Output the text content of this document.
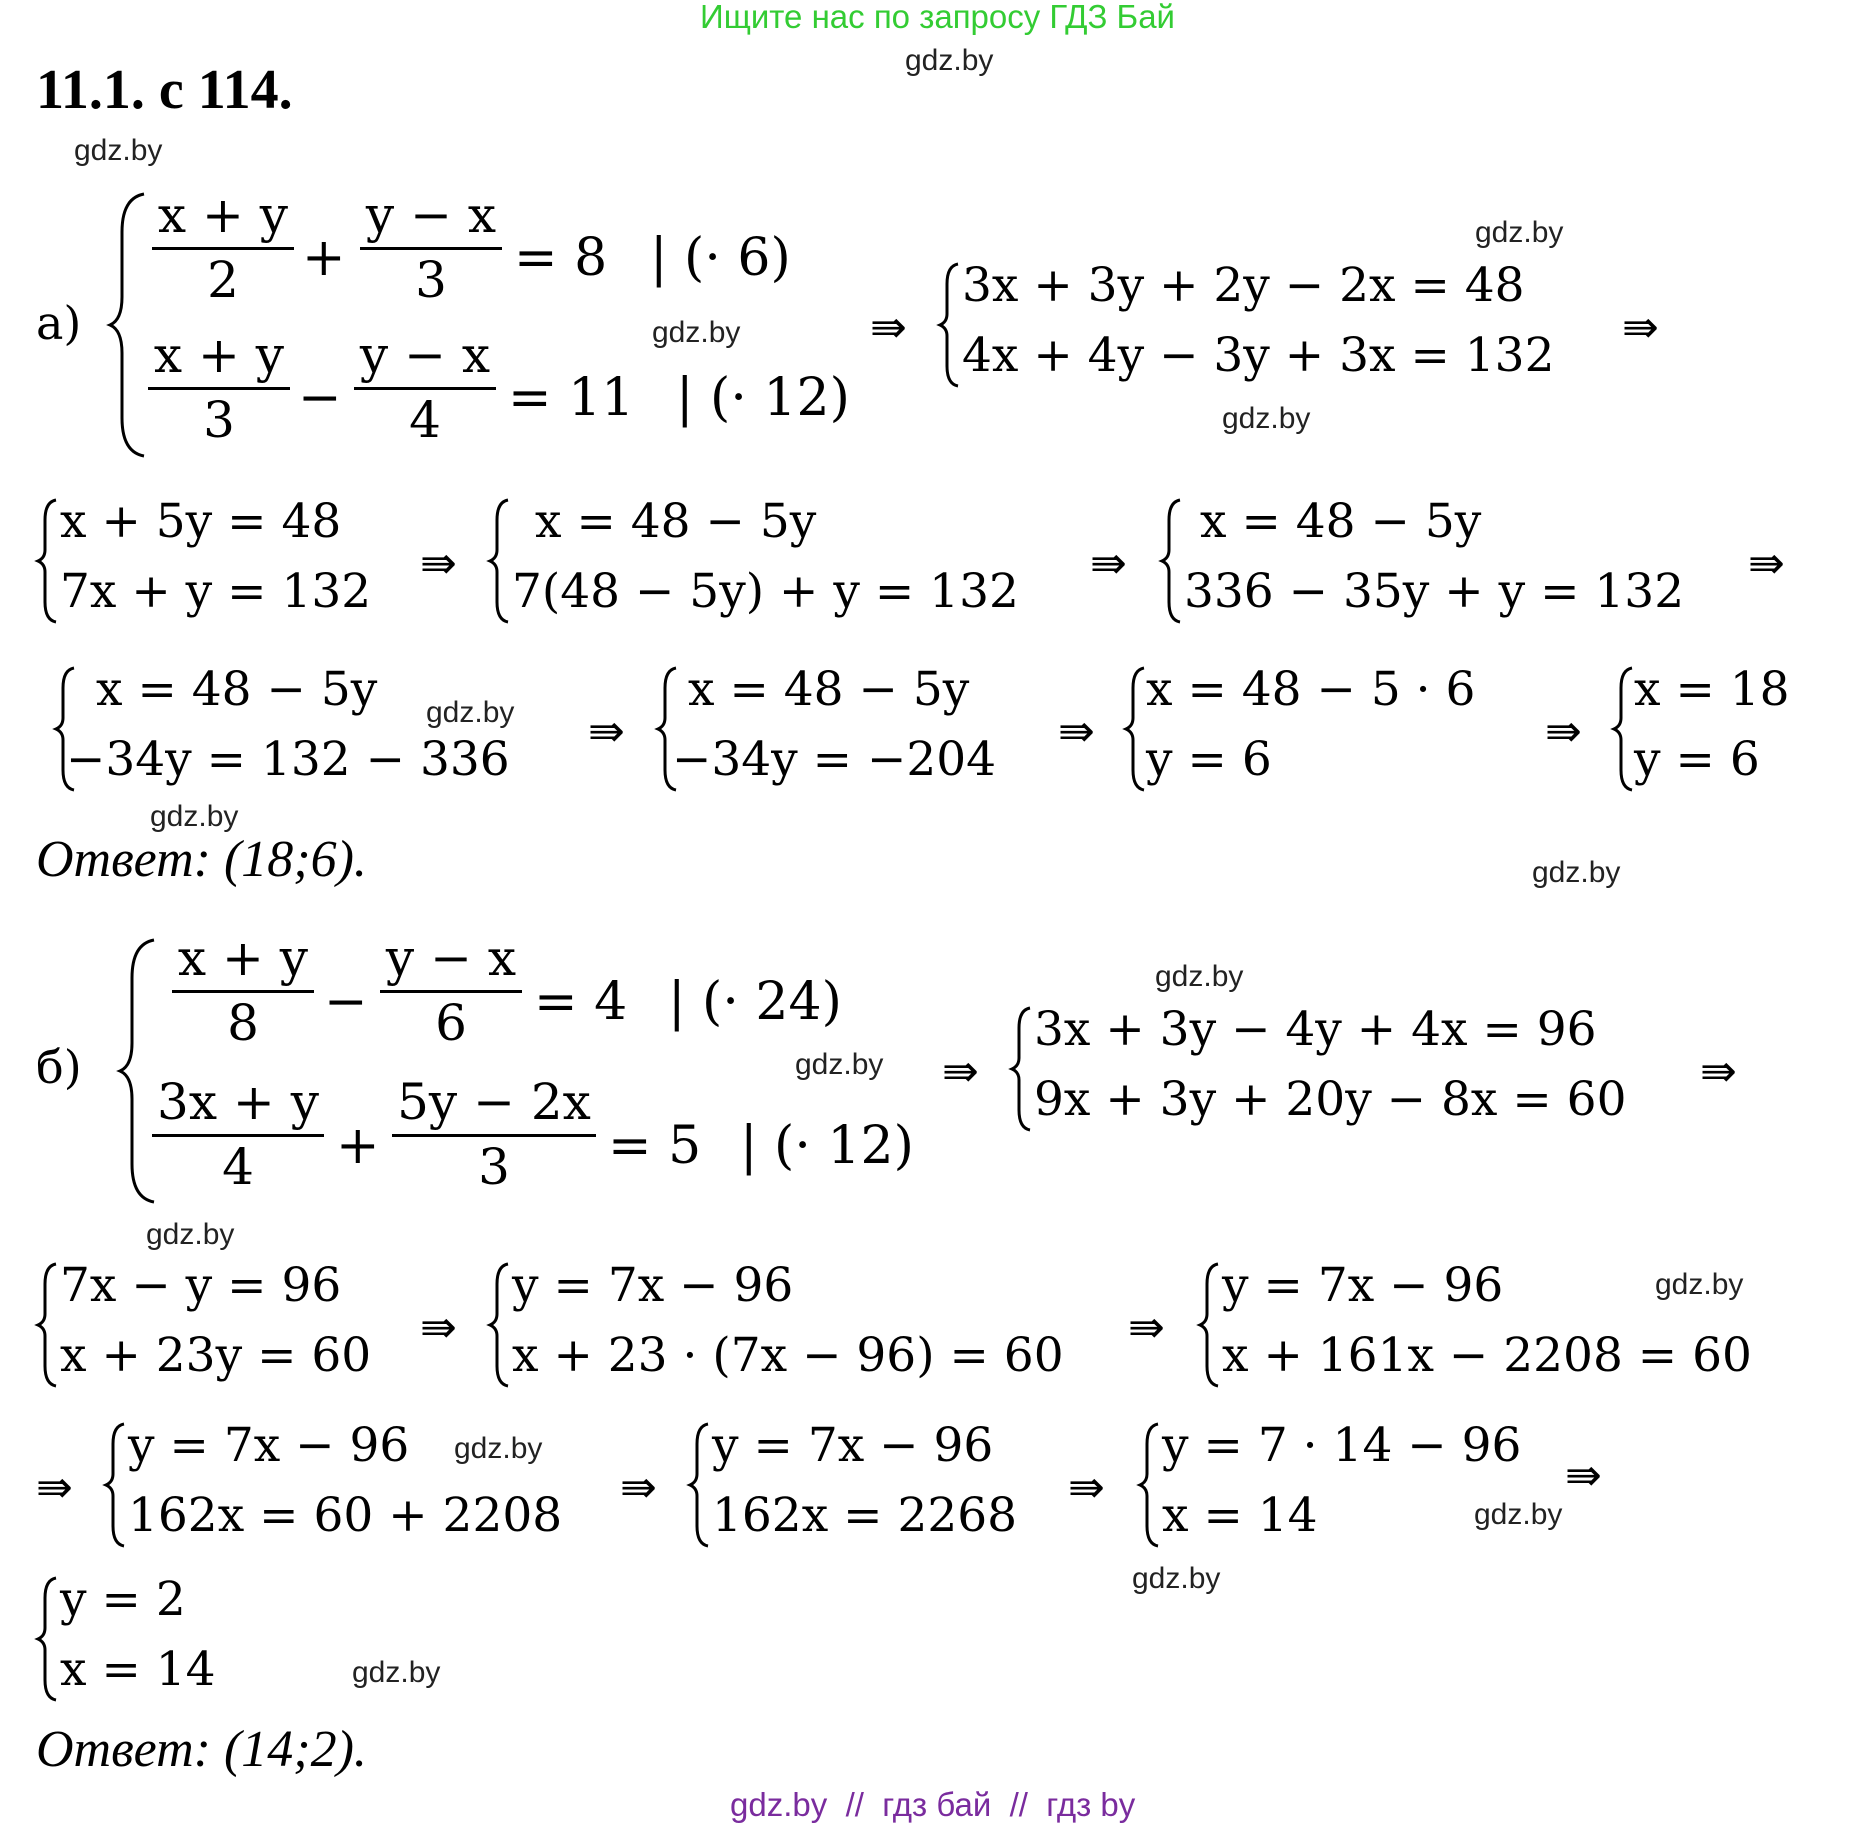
Ищите нас по запросу ГДЗ Бай
gdz.by
11.1. с 114.
gdz.by
а)
$\frac{x + y}{2} + \frac{y - x}{3} = 8$ | (· 6)
$\frac{x + y}{3} - \frac{y - x}{4} = 11$ | (· 12)
gdz.by
gdz.by
⇛
3x + 3y + 2y − 2x = 48
4x + 4y − 3y + 3x = 132
⇛
gdz.by
x + 5y = 48
7x + y = 132
⇛
x = 48 − 5y
7(48 − 5y) + y = 132
⇛
x = 48 − 5y
336 − 35y + y = 132
⇛
x = 48 − 5y
−34y = 132 − 336
gdz.by ⇛
gdz.by
x = 48 − 5y
−34y = −204
⇛
x = 48 − 5 · 6
y = 6
⇛
x = 18
y = 6
Ответ: (18;6).	gdz.by
б)
gdz.by
$\frac{x + y}{8} - \frac{y - x}{6} = 4$ | (· 24)
$\frac{3x + y}{4} + \frac{5y - 2x}{3} = 5$ | (· 12)
gdz.by ⇛
3x + 3y − 4y + 4x = 96
9x + 3y + 20y − 8x = 60
⇛
gdz.by
7x − y = 96
x + 23y = 60
⇛
y = 7x − 96
x + 23 · (7x − 96) = 60
⇛
y = 7x − 96
x + 161x − 2208 = 60
gdz.by
⇛
y = 7x − 96
162x = 60 + 2208
gdz.by
⇛
y = 7x − 96
162x = 2268
⇛
y = 7 · 14 − 96
x = 14
⇛
gdz.by
gdz.by
y = 2
x = 14	gdz.by
Ответ: (14;2).
gdz.by  //  гдз бай  //  гдз by
